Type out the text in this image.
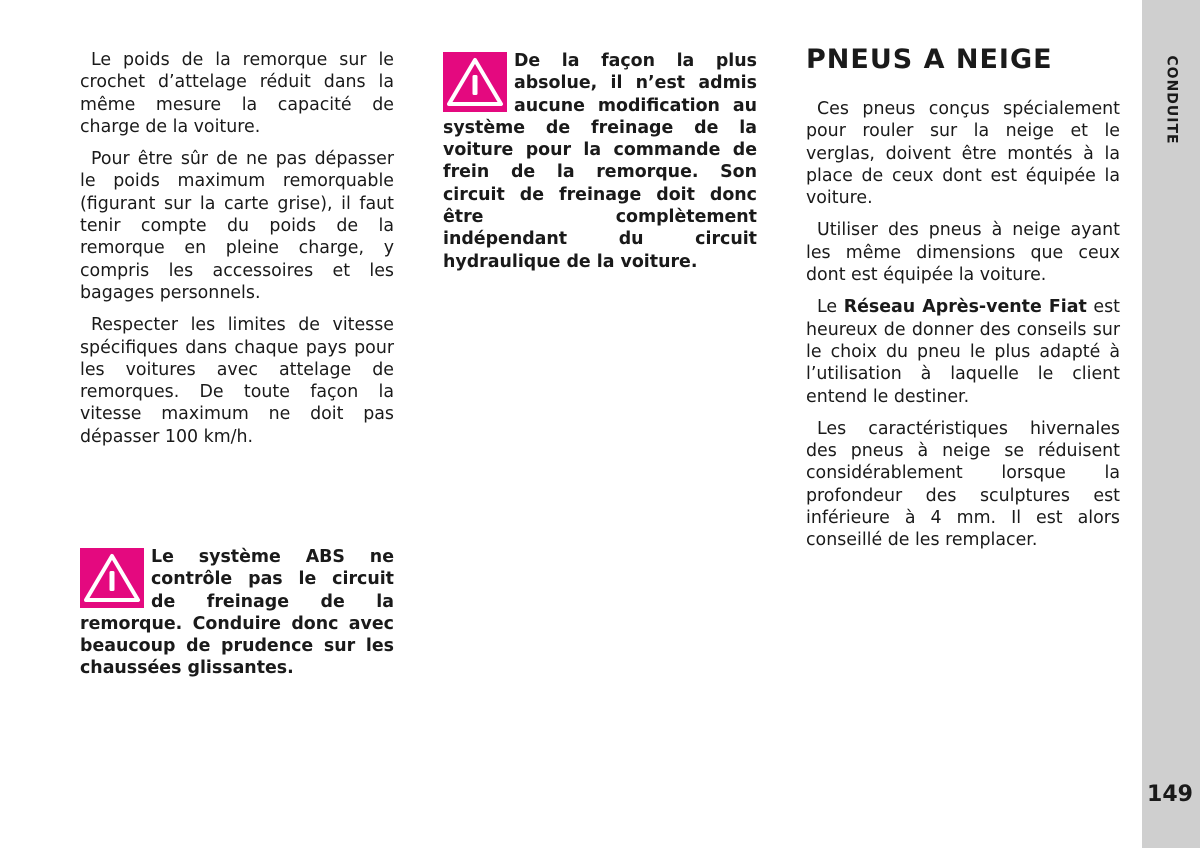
CONDUITE
149

Le poids de la remorque sur le crochet d’attelage réduit dans la même mesure la capacité de charge de la voiture.

Pour être sûr de ne pas dépasser le poids maximum remorquable (figurant sur la carte grise), il faut tenir compte du poids de la remorque en pleine charge, y compris les accessoires et les bagages personnels.

Respecter les limites de vitesse spécifiques dans chaque pays pour les voitures avec attelage de remorques. De toute façon la vitesse maximum ne doit pas dépasser 100 km/h.

Le système ABS ne contrôle pas le circuit de freinage de la remorque. Conduire donc avec beaucoup de prudence sur les chaussées glissantes.
De la façon la plus absolue, il n’est admis aucune modification au système de freinage de la voiture pour la commande de frein de la remorque. Son circuit de freinage doit donc être complètement indépendant du circuit hydraulique de la voiture.
PNEUS A NEIGE

Ces pneus conçus spécialement pour rouler sur la neige et le verglas, doivent être montés à la place de ceux dont est équipée la voiture.

Utiliser des pneus à neige ayant les même dimensions que ceux dont est équipée la voiture.

Le Réseau Après-vente Fiat est heureux de donner des conseils sur le choix du pneu le plus adapté à l’utilisation à laquelle le client entend le destiner.

Les caractéristiques hivernales des pneus à neige se réduisent considérablement lorsque la profondeur des sculptures est inférieure à 4 mm. Il est alors conseillé de les remplacer.
